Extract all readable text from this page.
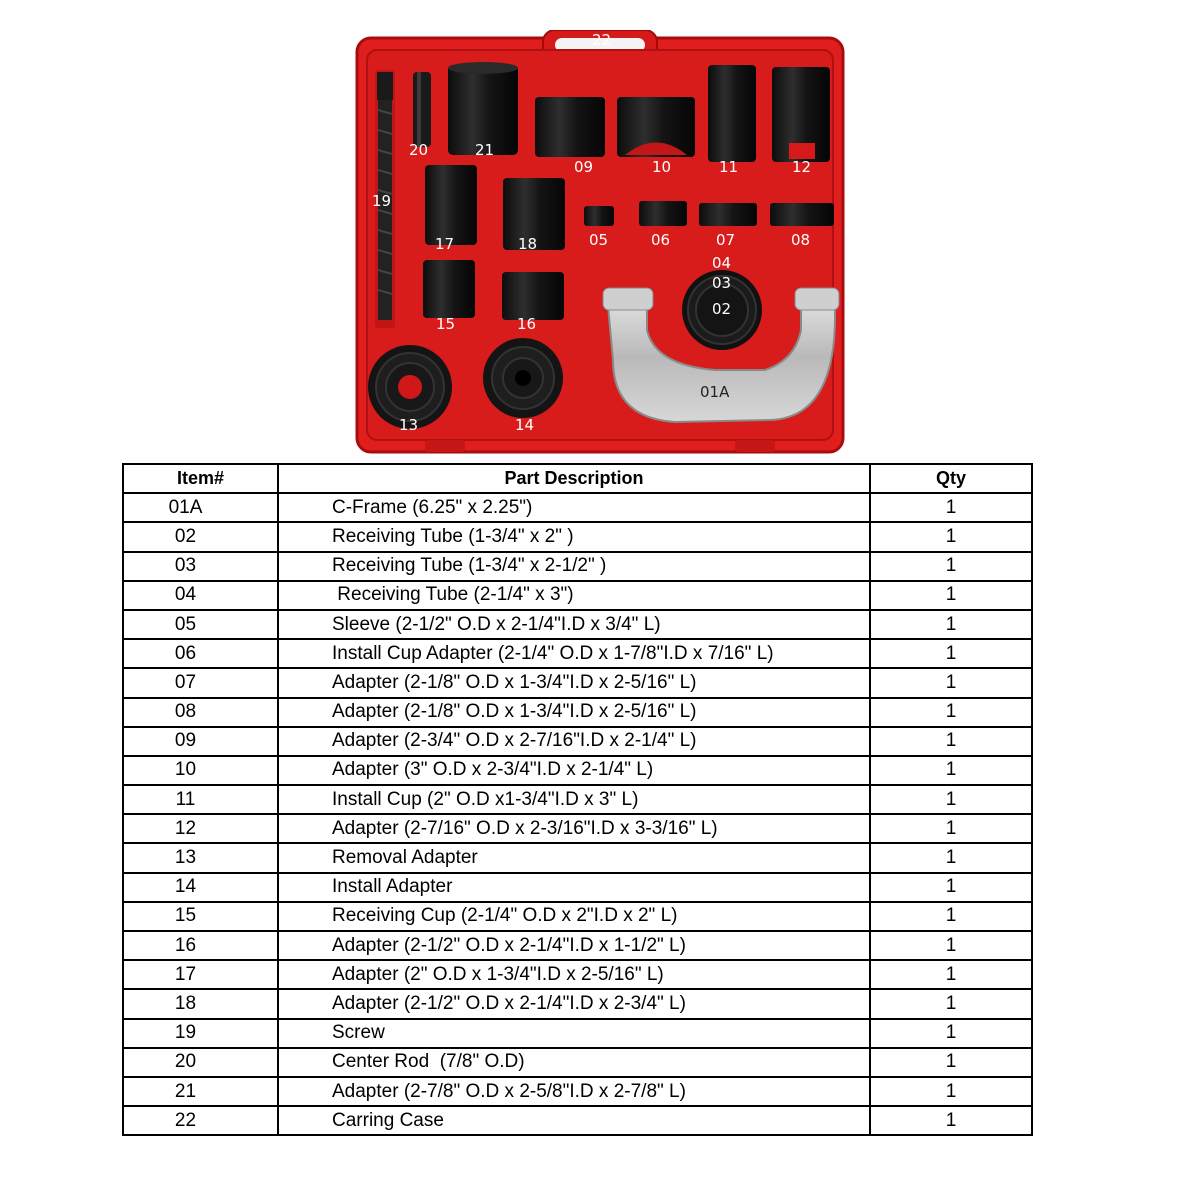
22
19
20	21
09	10	11	12
17	18	05	06	07	08
15	16
04
03
02
01A
13	14
Item#	Part Description	Qty
01A	C-Frame (6.25" x 2.25")	1
02	Receiving Tube (1-3/4" x 2" )	1
03	Receiving Tube (1-3/4" x 2-1/2" )	1
04	Receiving Tube (2-1/4" x 3")	1
05	Sleeve (2-1/2" O.D x 2-1/4"I.D x 3/4" L)	1
06	Install Cup Adapter (2-1/4" O.D x 1-7/8"I.D x 7/16" L)	1
07	Adapter (2-1/8" O.D x 1-3/4"I.D x 2-5/16" L)	1
08	Adapter (2-1/8" O.D x 1-3/4"I.D x 2-5/16" L)	1
09	Adapter (2-3/4" O.D x 2-7/16"I.D x 2-1/4" L)	1
10	Adapter (3" O.D x 2-3/4"I.D x 2-1/4" L)	1
11	Install Cup (2" O.D x1-3/4"I.D x 3" L)	1
12	Adapter (2-7/16" O.D x 2-3/16"I.D x 3-3/16" L)	1
13	Removal Adapter	1
14	Install Adapter	1
15	Receiving Cup (2-1/4" O.D x 2"I.D x 2" L)	1
16	Adapter (2-1/2" O.D x 2-1/4"I.D x 1-1/2" L)	1
17	Adapter (2" O.D x 1-3/4"I.D x 2-5/16" L)	1
18	Adapter (2-1/2" O.D x 2-1/4"I.D x 2-3/4" L)	1
19	Screw	1
20	Center Rod  (7/8" O.D)	1
21	Adapter (2-7/8" O.D x 2-5/8"I.D x 2-7/8" L)	1
22	Carring Case	1
